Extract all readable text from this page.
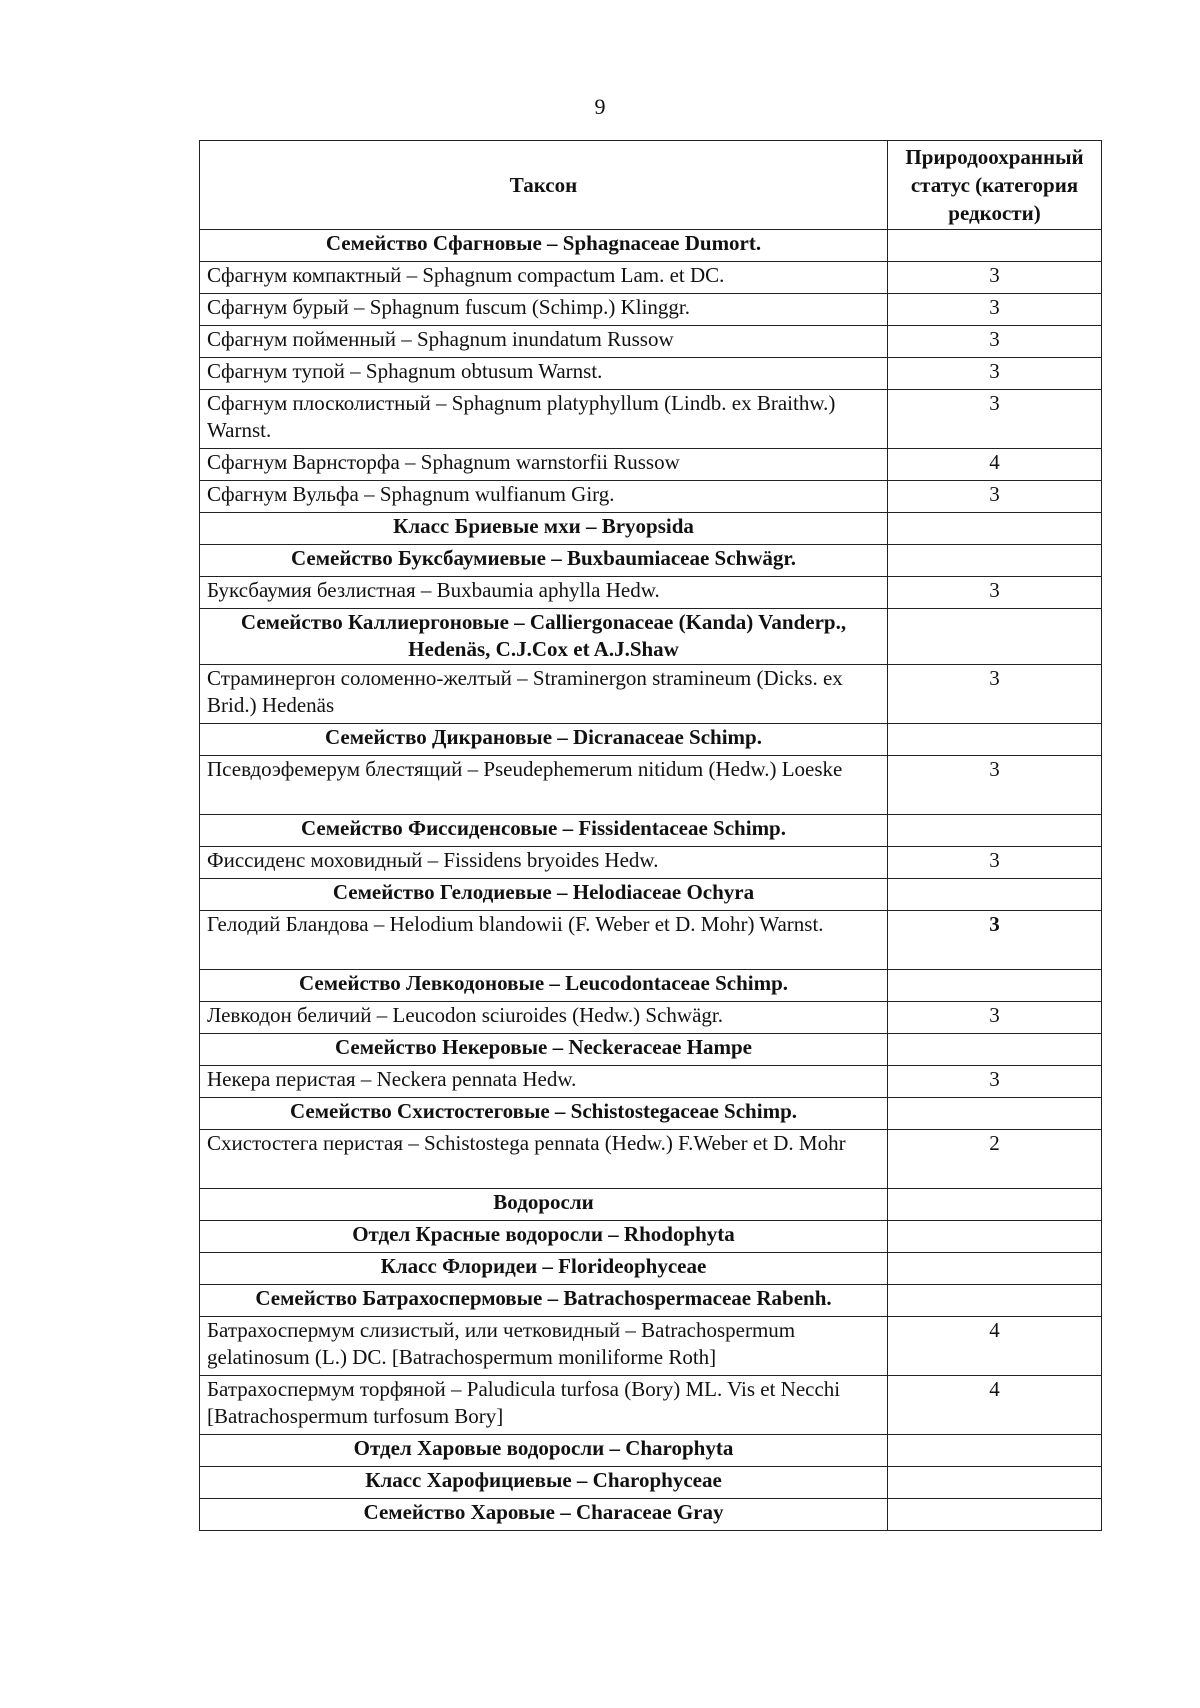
9
Таксон	Природоохранный статус (категория редкости)
Семейство Сфагновые – Sphagnaceae Dumort.	
Сфагнум компактный – Sphagnum compactum Lam. et DC.	3
Сфагнум бурый – Sphagnum fuscum (Schimp.) Klinggr.	3
Сфагнум пойменный – Sphagnum inundatum Russow	3
Сфагнум тупой – Sphagnum obtusum Warnst.	3
Сфагнум плосколистный – Sphagnum platyphyllum (Lindb. ex Braithw.) Warnst.	3
Сфагнум Варнсторфа – Sphagnum warnstorfii Russow	4
Сфагнум Вульфа – Sphagnum wulfianum Girg.	3
Класс Бриевые мхи – Bryopsida	
Семейство Буксбаумиевые – Buxbaumiaceae Schwägr.	
Буксбаумия безлистная – Buxbaumia aphylla Hedw.	3
Семейство Каллиергоновые – Calliergonaceae (Kanda) Vanderp., Hedenäs, C.J.Cox et A.J.Shaw	
Страминергон соломенно-желтый – Straminergon stramineum (Dicks. ex Brid.) Hedenäs	3
Семейство Дикрановые – Dicranaceae Schimp.	
Псевдоэфемерум блестящий – Pseudephemerum nitidum (Hedw.) Loeske	3
Семейство Фиссиденсовые – Fissidentaceae Schimp.	
Фиссиденс моховидный – Fissidens bryoides Hedw.	3
Семейство Гелодиевые – Helodiaceae Ochyra	
Гелодий Бландова – Helodium blandowii (F. Weber et D. Mohr) Warnst.	3
Семейство Левкодоновые – Leucodontaceae Schimp.	
Левкодон беличий – Leucodon sciuroides (Hedw.) Schwägr.	3
Семейство Некеровые – Neckeraceae Hampe	
Некера перистая – Neckera pennata Hedw.	3
Семейство Схистостеговые – Schistostegaceae Schimp.	
Схистостега перистая – Schistostega pennata (Hedw.) F.Weber et D. Mohr	2
Водоросли	
Отдел Красные водоросли – Rhodophyta	
Класс Флоридеи – Florideophyceae	
Семейство Батрахоспермовые – Batrachospermaceae Rabenh.	
Батрахоспермум слизистый, или четковидный – Batrachospermum gelatinosum (L.) DC. [Batrachospermum moniliforme Roth]	4
Батрахоспермум торфяной – Paludicula turfosa (Bory) ML. Vis et Necchi [Batrachospermum turfosum Bory]	4
Отдел Харовые водоросли – Charophyta	
Класс Харофициевые – Charophyceae	
Семейство Харовые – Characeae Gray	
